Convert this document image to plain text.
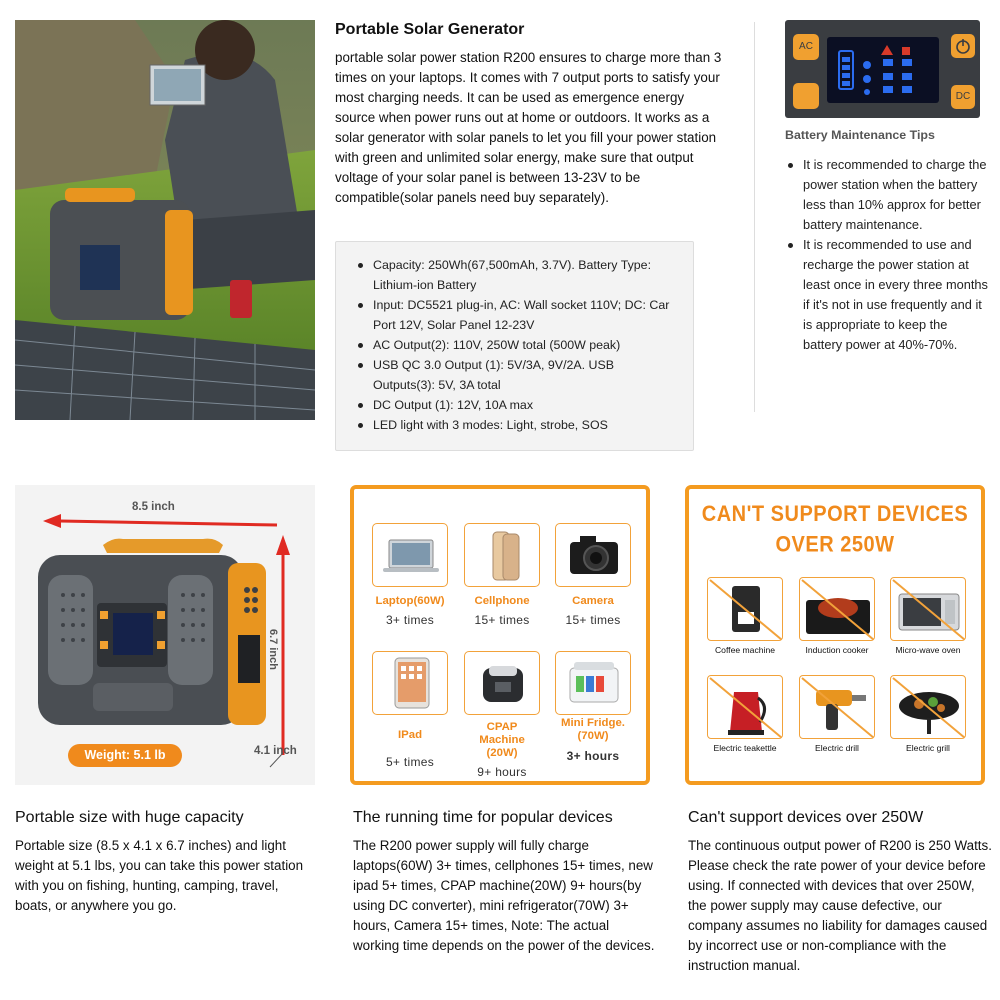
Portable Solar Generator
portable solar power station R200 ensures to charge more than 3 times on your laptops. It comes with 7 output ports to satisfy your most charging needs. It can be used as emergence energy source when power runs out at home or outdoors. It works as a solar generator with solar panels to let you fill your power station with green and unlimited solar energy, make sure that output voltage of your solar panel is between 13-23V to be compatible(solar panels need buy separately).
Capacity: 250Wh(67,500mAh, 3.7V). Battery Type: Lithium-ion Battery
Input: DC5521 plug-in, AC: Wall socket 110V; DC: Car Port 12V, Solar Panel 12-23V
AC Output(2): 110V, 250W total (500W peak)
USB QC 3.0 Output (1): 5V/3A, 9V/2A. USB Outputs(3): 5V, 3A total
DC Output (1): 12V, 10A max
LED light with 3 modes: Light, strobe, SOS
AC
DC
Battery Maintenance Tips
It is recommended to charge the power station when the battery less than 10% approx for better battery maintenance.
It is recommended to use and recharge the power station at least once in every three months if it's not in use frequently and it is appropriate to keep the battery power at 40%-70%.
8.5 inch
6.7 inch
4.1 inch
Weight: 5.1 lb
Laptop(60W)
3+ times
Cellphone
15+ times
Camera
15+ times
IPad
5+ times
CPAP Machine (20W)
9+ hours
Mini Fridge.(70W)
3+ hours
CAN'T SUPPORT DEVICES
OVER 250W
Coffee machine	Induction cooker	Micro-wave oven
Electric teakettle	Electric drill	Electric grill
Portable size with huge capacity
Portable size (8.5 x 4.1 x 6.7 inches) and light weight at 5.1 lbs, you can take this power station with you on fishing, hunting, camping, travel, boats, or anywhere you go.
The running time for popular devices
The R200 power supply will fully charge laptops(60W) 3+ times, cellphones 15+ times, new ipad 5+ times, CPAP machine(20W) 9+ hours(by using DC converter), mini refrigerator(70W) 3+ hours, Camera 15+ times, Note: The actual working time depends on the power of the devices.
Can't support devices over 250W
The continuous output power of R200 is 250 Watts. Please check the rate power of your device before using. If connected with devices that over 250W, the power supply may cause defective, our company assumes no liability for damages caused by incorrect use or non-compliance with the instruction manual.
